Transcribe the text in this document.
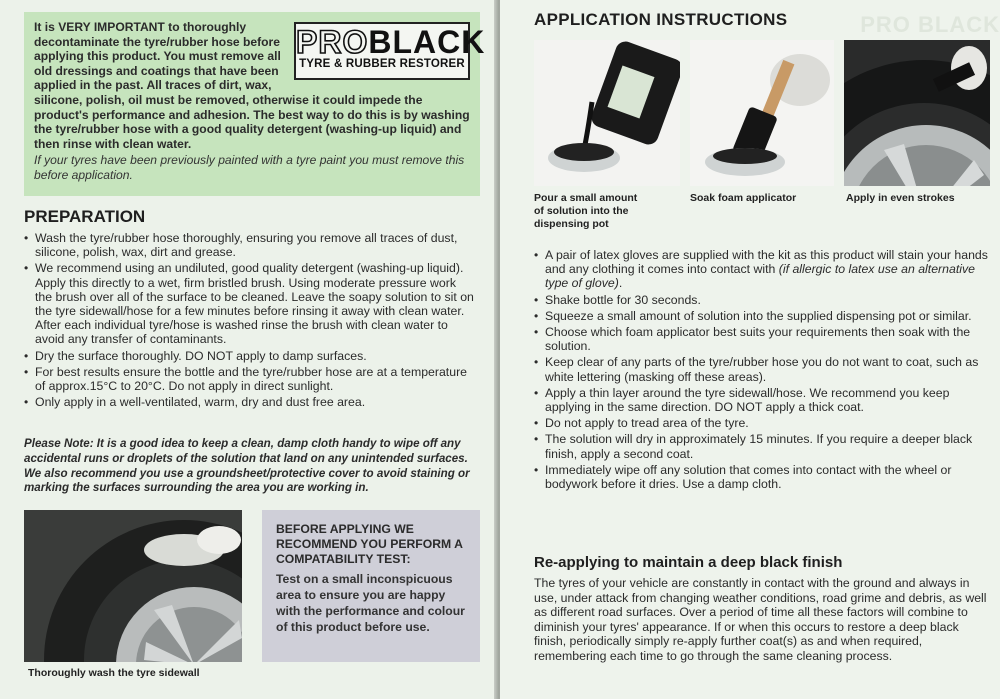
PROBLACK
TYRE & RUBBER RESTORER

It is VERY IMPORTANT to thoroughly decontaminate the tyre/rubber hose before applying this product. You must remove all old dressings and coatings that have been applied in the past. All traces of dirt, wax, silicone, polish, oil must be removed, otherwise it could impede the product's performance and adhesion. The best way to do this is by washing the tyre/rubber hose with a good quality detergent (washing-up liquid) and then rinse with clean water.

If your tyres have been previously painted with a tyre paint you must remove this before application.

PREPARATION
• Wash the tyre/rubber hose thoroughly, ensuring you remove all traces of dust, silicone, polish, wax, dirt and grease.
• We recommend using an undiluted, good quality detergent (washing-up liquid). Apply this directly to a wet, firm bristled brush. Using moderate pressure work the brush over all of the surface to be cleaned. Leave the soapy solution to sit on the tyre sidewall/hose for a few minutes before rinsing it away with clean water. After each individual tyre/hose is washed rinse the brush with clean water to avoid any transfer of contaminants.
• Dry the surface thoroughly. DO NOT apply to damp surfaces.
• For best results ensure the bottle and the tyre/rubber hose are at a temperature of approx.15°C to 20°C. Do not apply in direct sunlight.
• Only apply in a well-ventilated, warm, dry and dust free area.
Please Note: It is a good idea to keep a clean, damp cloth handy to wipe off any accidental runs or droplets of the solution that land on any unintended surfaces. We also recommend you use a groundsheet/protective cover to avoid staining or marking the surfaces surrounding the area you are working in.
Thoroughly wash the tyre sidewall
BEFORE APPLYING WE RECOMMEND YOU PERFORM A COMPATABILITY TEST:
Test on a small inconspicuous area to ensure you are happy with the performance and colour of this product before use.
PRO BLACK
APPLICATION INSTRUCTIONS
Pour a small amount of solution into the dispensing pot
Soak foam applicator	Apply in even strokes
• A pair of latex gloves are supplied with the kit as this product will stain your hands and any clothing it comes into contact with (if allergic to latex use an alternative type of glove).
• Shake bottle for 30 seconds.
• Squeeze a small amount of solution into the supplied dispensing pot or similar.
• Choose which foam applicator best suits your requirements then soak with the solution.
• Keep clear of any parts of the tyre/rubber hose you do not want to coat, such as white lettering (masking off these areas).
• Apply a thin layer around the tyre sidewall/hose. We recommend you keep applying in the same direction. DO NOT apply a thick coat.
• Do not apply to tread area of the tyre.
• The solution will dry in approximately 15 minutes. If you require a deeper black finish, apply a second coat.
• Immediately wipe off any solution that comes into contact with the wheel or bodywork before it dries. Use a damp cloth.
Re-applying to maintain a deep black finish
The tyres of your vehicle are constantly in contact with the ground and always in use, under attack from changing weather conditions, road grime and debris, as well as different road surfaces. Over a period of time all these factors will combine to diminish your tyres' appearance. If or when this occurs to restore a deep black finish, periodically simply re-apply further coat(s) as and when required, remembering each time to go through the same cleaning process.
